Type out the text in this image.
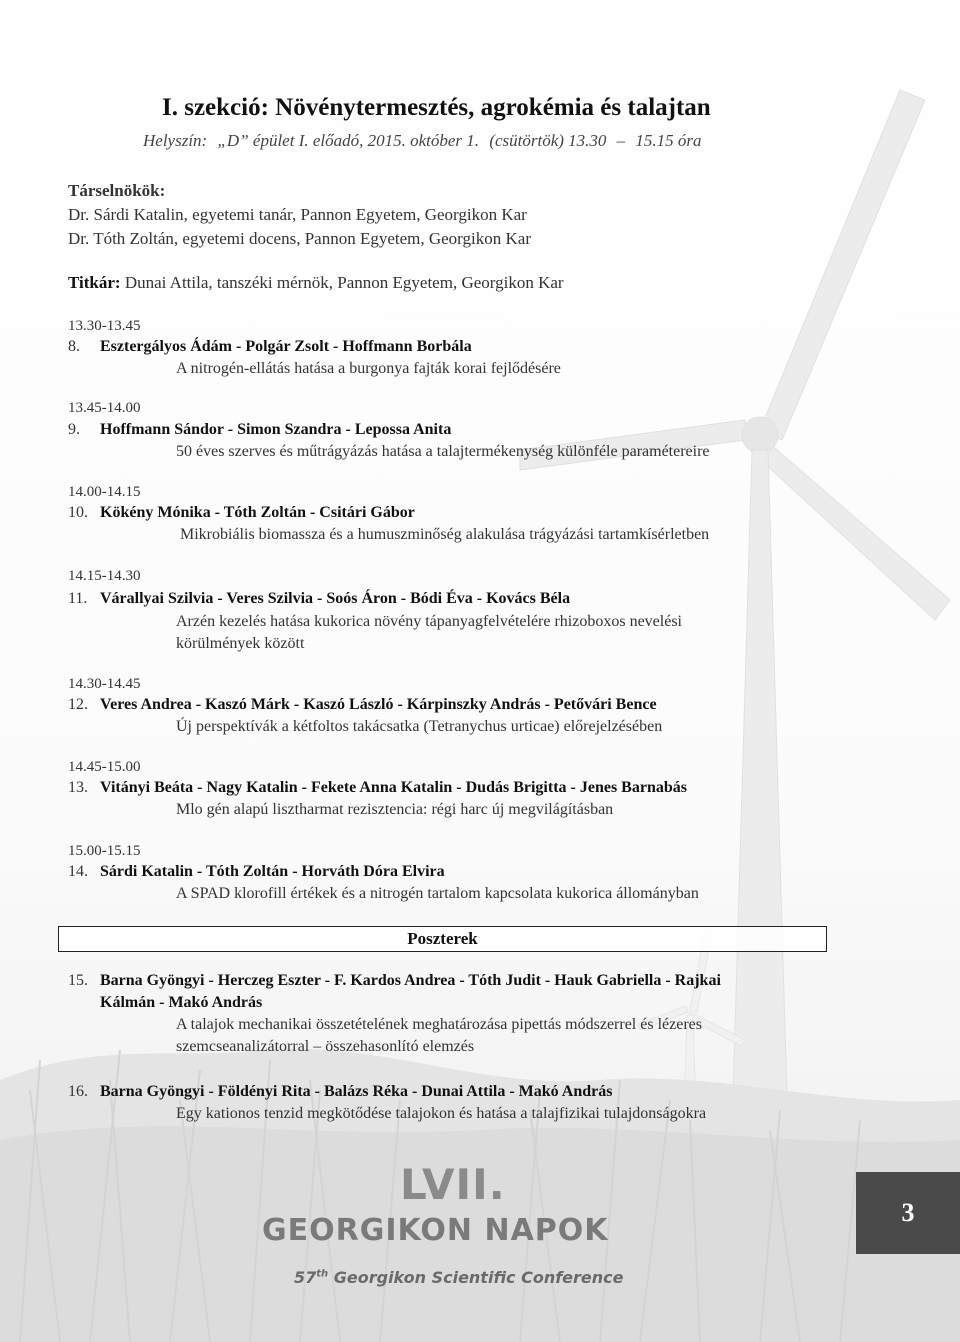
I. szekció: Növénytermesztés, agrokémia és talajtan
Helyszín: „D” épület I. előadó, 2015. október 1. (csütörtök) 13.30 – 15.15 óra
Társelnökök:
Dr. Sárdi Katalin, egyetemi tanár, Pannon Egyetem, Georgikon Kar
Dr. Tóth Zoltán, egyetemi docens, Pannon Egyetem, Georgikon Kar
Titkár: Dunai Attila, tanszéki mérnök, Pannon Egyetem, Georgikon Kar
13.30-13.45
8. Esztergályos Ádám - Polgár Zsolt - Hoffmann Borbála
A nitrogén-ellátás hatása a burgonya fajták korai fejlődésére
13.45-14.00
9. Hoffmann Sándor - Simon Szandra - Lepossa Anita
50 éves szerves és műtrágyázás hatása a talajtermékenység különféle paramétereire
14.00-14.15
10. Kökény Mónika - Tóth Zoltán - Csitári Gábor
Mikrobiális biomassza és a humuszminőség alakulása trágyázási tartamkísérletben
14.15-14.30
11. Várallyai Szilvia - Veres Szilvia - Soós Áron - Bódi Éva - Kovács Béla
Arzén kezelés hatása kukorica növény tápanyagfelvételére rhizoboxos nevelési
körülmények között
14.30-14.45
12. Veres Andrea - Kaszó Márk - Kaszó László - Kárpinszky András - Petővári Bence
Új perspektívák a kétfoltos takácsatka (Tetranychus urticae) előrejelzésében
14.45-15.00
13. Vitányi Beáta - Nagy Katalin - Fekete Anna Katalin - Dudás Brigitta - Jenes Barnabás
Mlo gén alapú lisztharmat rezisztencia: régi harc új megvilágításban
15.00-15.15
14. Sárdi Katalin - Tóth Zoltán - Horváth Dóra Elvira
A SPAD klorofill értékek és a nitrogén tartalom kapcsolata kukorica állományban
Poszterek
15. Barna Gyöngyi - Herczeg Eszter - F. Kardos Andrea - Tóth Judit - Hauk Gabriella - Rajkai
Kálmán - Makó András
A talajok mechanikai összetételének meghatározása pipettás módszerrel és lézeres
szemcseanalizátorral – összehasonlító elemzés
16. Barna Gyöngyi - Földényi Rita - Balázs Réka - Dunai Attila - Makó András
Egy kationos tenzid megkötődése talajokon és hatása a talajfizikai tulajdonságokra
LVII.
GEORGIKON NAPOK
57th Georgikon Scientific Conference
3
